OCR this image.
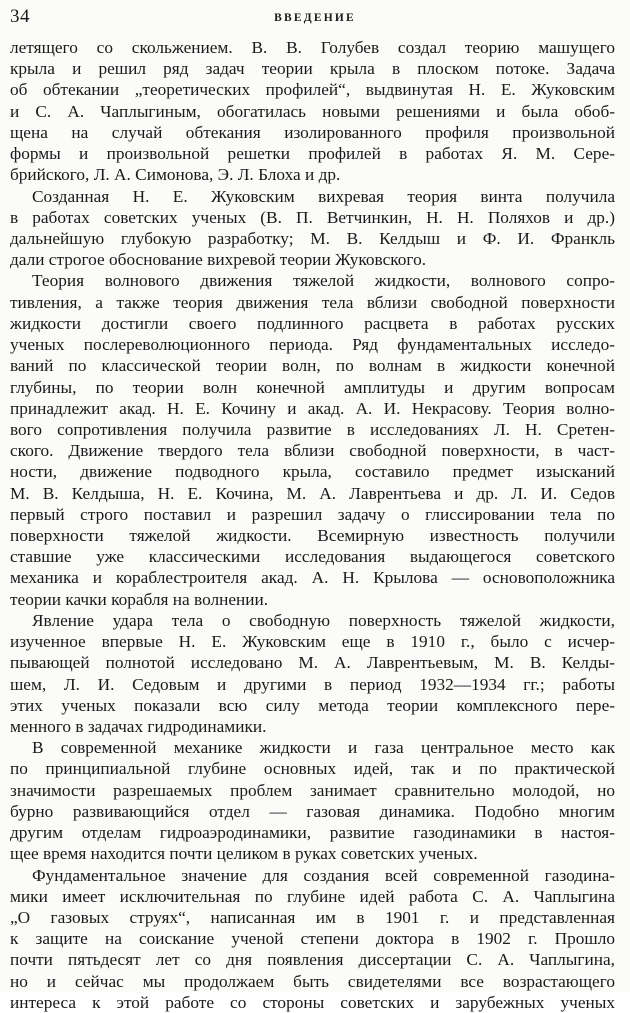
34	ВВЕДЕНИЕ
летящего со скольжением. В. В. Голубев создал теорию машущего
крыла и решил ряд задач теории крыла в плоском потоке. Задача
об обтекании „теоретических профилей“, выдвинутая Н. Е. Жуковским
и С. А. Чаплыгиным, обогатилась новыми решениями и была обоб-
щена на случай обтекания изолированного профиля произвольной
формы и произвольной решетки профилей в работах Я. М. Сере-
брийского, Л. А. Симонова, Э. Л. Блоха и др.
Созданная Н. Е. Жуковским вихревая теория винта получила
в работах советских ученых (В. П. Ветчинкин, Н. Н. Поляхов и др.)
дальнейшую глубокую разработку; М. В. Келдыш и Ф. И. Франкль
дали строгое обоснование вихревой теории Жуковского.
Теория волнового движения тяжелой жидкости, волнового сопро-
тивления, а также теория движения тела вблизи свободной поверхности
жидкости достигли своего подлинного расцвета в работах русских
ученых послереволюционного периода. Ряд фундаментальных исследо-
ваний по классической теории волн, по волнам в жидкости конечной
глубины, по теории волн конечной амплитуды и другим вопросам
принадлежит акад. Н. Е. Кочину и акад. А. И. Некрасову. Теория волно-
вого сопротивления получила развитие в исследованиях Л. Н. Сретен-
ского. Движение твердого тела вблизи свободной поверхности, в част-
ности, движение подводного крыла, составило предмет изысканий
М. В. Келдыша, Н. Е. Кочина, М. А. Лаврентьева и др. Л. И. Седов
первый строго поставил и разрешил задачу о глиссировании тела по
поверхности тяжелой жидкости. Всемирную известность получили
ставшие уже классическими исследования выдающегося советского
механика и кораблестроителя акад. А. Н. Крылова — основоположника
теории качки корабля на волнении.
Явление удара тела о свободную поверхность тяжелой жидкости,
изученное впервые Н. Е. Жуковским еще в 1910 г., было с исчер-
пывающей полнотой исследовано М. А. Лаврентьевым, М. В. Келды-
шем, Л. И. Седовым и другими в период 1932—1934 гг.; работы
этих ученых показали всю силу метода теории комплексного пере-
менного в задачах гидродинамики.
В современной механике жидкости и газа центральное место как
по принципиальной глубине основных идей, так и по практической
значимости разрешаемых проблем занимает сравнительно молодой, но
бурно развивающийся отдел — газовая динамика. Подобно многим
другим отделам гидроаэродинамики, развитие газодинамики в настоя-
щее время находится почти целиком в руках советских ученых.
Фундаментальное значение для создания всей современной газодина-
мики имеет исключительная по глубине идей работа С. А. Чаплыгина
„О газовых струях“, написанная им в 1901 г. и представленная
к защите на соискание ученой степени доктора в 1902 г. Прошло
почти пятьдесят лет со дня появления диссертации С. А. Чаплыгина,
но и сейчас мы продолжаем быть свидетелями все возрастающего
интереса к этой работе со стороны советских и зарубежных ученых
